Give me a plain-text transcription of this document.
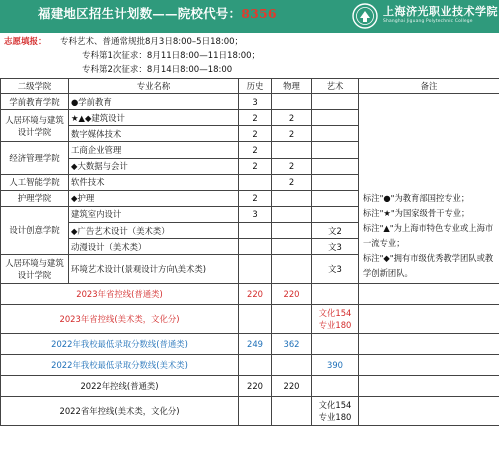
福建地区招生计划数——院校代号：8356	上海济光职业技术学院
Shanghai Jiguang Polytechnic College
志愿填报： 专科艺术、普通常规批8月3日8:00–5日18:00；
专科第1次征求：8月11日8:00—11日18:00；
专科第2次征求：8月14日8:00—18:00
二级学院	专业名称	历史	物理	艺术	备注
学前教育学院	●学前教育	3			标注"●"为教育部国控专业；
标注"★"为国家级骨干专业；
标注"▲"为上海市特色专业或上海市一流专业；
标注"◆"拥有市级优秀教学团队或教学创新团队。

人居环境与建筑设计学院	★▲◆建筑设计	2	2		
	数字媒体技术	2	2		
经济管理学院	工商企业管理	2			
	◆大数据与会计	2	2		
人工智能学院	软件技术		2		
护理学院	◆护理	2			
设计创意学院	建筑室内设计	3			
	◆广告艺术设计（美术类）			文2	
	动漫设计（美术类）			文3	
人居环境与建筑设计学院	环境艺术设计(景观设计方向\美术类)			文3	
2023年省控线(普通类)		220	220		
2023年省控线(美术类，文化分)				文化154
专业180	
2022年我校最低录取分数线(普通类)		249	362		
2022年我校最低录取分数线(美术类)				390	
2022年控线(普通类)		220	220		
2022省年控线(美术类，文化分)				文化154
专业180	
